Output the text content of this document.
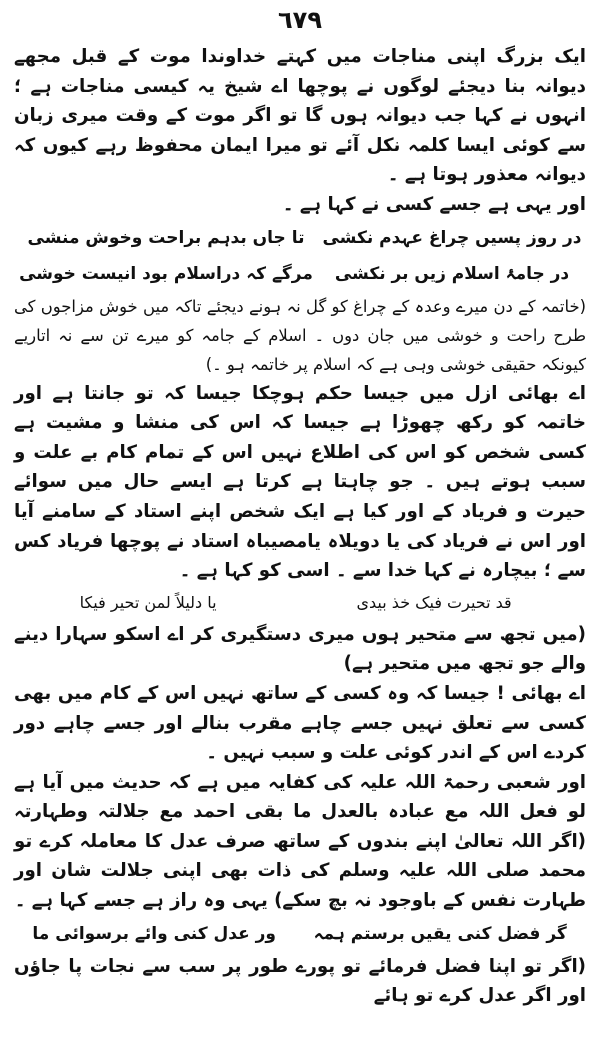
٦٧٩

ایک بزرگ اپنی مناجات میں کہتے خداوندا موت کے قبل مجھے دیوانہ بنا دیجئے لوگوں نے پوچھا اے شیخ یہ کیسی مناجات ہے ؛ انہوں نے کہا جب دیوانہ ہوں گا تو اگر موت کے وقت میری زبان سے کوئی ایسا کلمہ نکل آئے تو میرا ایمان محفوظ رہے کیوں کہ دیوانہ معذور ہوتا ہے ۔

اور یہی ہے جسے کسی نے کہا ہے ۔

در روز پسیں چراغ عہدم نکشی	تا جاں بدہم براحت وخوش منشی
در جامۂ اسلام زیں بر نکشی	مرگے کہ دراسلام بود انیست خوشی

(خاتمہ کے دن میرے وعدہ کے چراغ کو گل نہ ہونے دیجئے تاکہ میں خوش مزاجوں کی طرح راحت و خوشی میں جان دوں ۔ اسلام کے جامہ کو میرے تن سے نہ اتاریے کیونکہ حقیقی خوشی وہی ہے کہ اسلام پر خاتمہ ہو ۔)

اے بھائی ازل میں جیسا حکم ہوچکا جیسا کہ تو جانتا ہے اور خاتمہ کو رکھ چھوڑا ہے جیسا کہ اس کی منشا و مشیت ہے کسی شخص کو اس کی اطلاع نہیں اس کے تمام کام بے علت و سبب ہوتے ہیں ۔ جو چاہتا ہے کرتا ہے ایسے حال میں سوائے حیرت و فریاد کے اور کیا ہے ایک شخص اپنے استاد کے سامنے آیا اور اس نے فریاد کی یا دویلاہ یامصیباہ استاد نے پوچھا فریاد کس سے ؛ بیچارہ نے کہا خدا سے ۔ اسی کو کہا ہے ۔

قد تحیرت فیک خذ بیدی	یا دلیلاً لمن تحیر فیکا

(میں تجھ سے متحیر ہوں میری دستگیری کر اے اسکو سہارا دینے والے جو تجھ میں متحیر ہے)

اے بھائی ! جیسا کہ وہ کسی کے ساتھ نہیں اس کے کام میں بھی کسی سے تعلق نہیں جسے چاہے مقرب بنالے اور جسے چاہے دور کردے اس کے اندر کوئی علت و سبب نہیں ۔

اور شعبی رحمۃ اللہ علیہ کی کفایہ میں ہے کہ حدیث میں آیا ہے لو فعل اللہ مع عبادہ بالعدل ما بقی احمد مع جلالتہ وطہارتہ (اگر اللہ تعالیٰ اپنے بندوں کے ساتھ صرف عدل کا معاملہ کرے تو محمد صلی اللہ علیہ وسلم کی ذات بھی اپنی جلالت شان اور طہارت نفس کے باوجود نہ بچ سکے) یہی وہ راز ہے جسے کہا ہے ۔

گر فضل کنی یقیں برستم ہمہ	ور عدل کنی وائے برسوائی ما

(اگر تو اپنا فضل فرمائے تو پورے طور پر سب سے نجات پا جاؤں اور اگر عدل کرے تو ہائے
